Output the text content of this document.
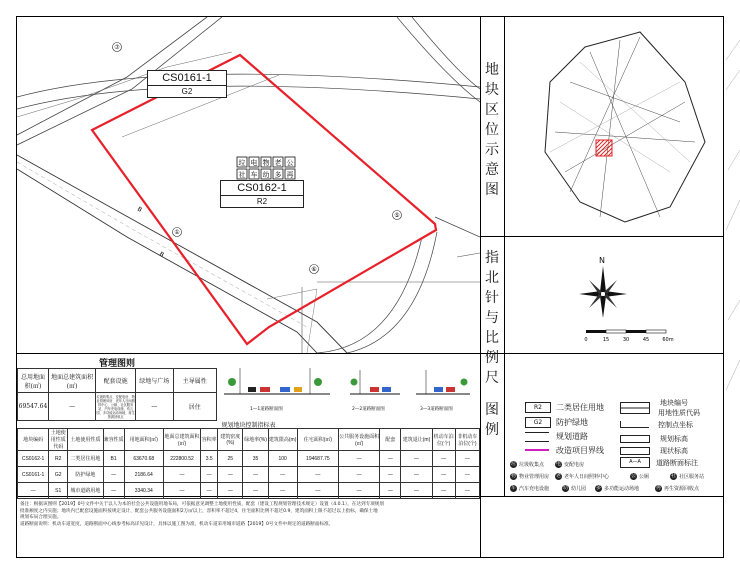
①
⑤
⑥
⑦
B
B
垃 电 物 老 公
社 车 幼 多 再
CS0161-1
G2
CS0162-1
R2
地块区位示意图
指北针与比例尺
N
0	15	30	45	60m
管理图则
总用地面积(㎡)	地面总建筑面积(㎡)	配套设施	绿地与广场	主导属性
69547.64	—	垃圾收集点、变配电房、物业管理用房、老年人日间照料中心、公厕、社区服务站、汽车充电设施、幼儿园、多功能运动场地、再生资源回收点	—	居住	1—1道路断面图	2—2道路断面图	3—3道路断面图
规划地块控制指标表
地块编码	土地使用性质代码	土地使用性质	兼容性质	用地面积(㎡)	地面总建筑面积(㎡)	容积率	建筑密度(%)	绿地率(%)	建筑限高(m)	住宅面积(㎡)	公共服务设施面积(㎡)	配套	建筑退让(m)	机动车泊位(个)	非机动车泊位(个)
CS0162-1	R2	二类居住用地	B1	63670.68	222800.52	3.5	25	35	100	194687.75	—	—	—	—	—
CS0161-1	G2	防护绿地	—	2186.64	—	—	—	—	—	—	—	—	—	—	—
—	S1	城市道路用地	—	3340.34	—	—	—	—	—	—	—	—	—	—	—
图例
R2	二类居住用地
G2	防护绿地
规划道路
改造项目界线
地块编号
用地性质代码
控制点坐标
规划标高
现状标高
A—A	道路断面标注
垃 垃圾收集点 电 变配电房
物 物业管理用房 老 老年人日间照料中心	公 公厕	社 社区服务站
车 汽车充电设施	幼 幼儿园 多 多功能运动场地	再 再生资源回收点
备注：根据该图则【2019】0号文件中关于以人为本的社会公共设施用地布局，可依据意见调整土地使用性质，配套（建设工程规划管理技术规定）设置（4.0.1），在达到专项规划
批准额度之内实施；地块内已配套设施面积按规定设计，配套公共服务设施面积2万㎡以上，容积率不超过4，住宅面积比例不超过0.9，建筑面积上限不超过以上指标，确保土地
规划布局合理实施。
道路断面说明：机动车道宽度，道路断面中心线参考标高详见设计，具体以施工图为准，机动车道采用城市道路【2019】0号文件中规定的道路断面标准。
